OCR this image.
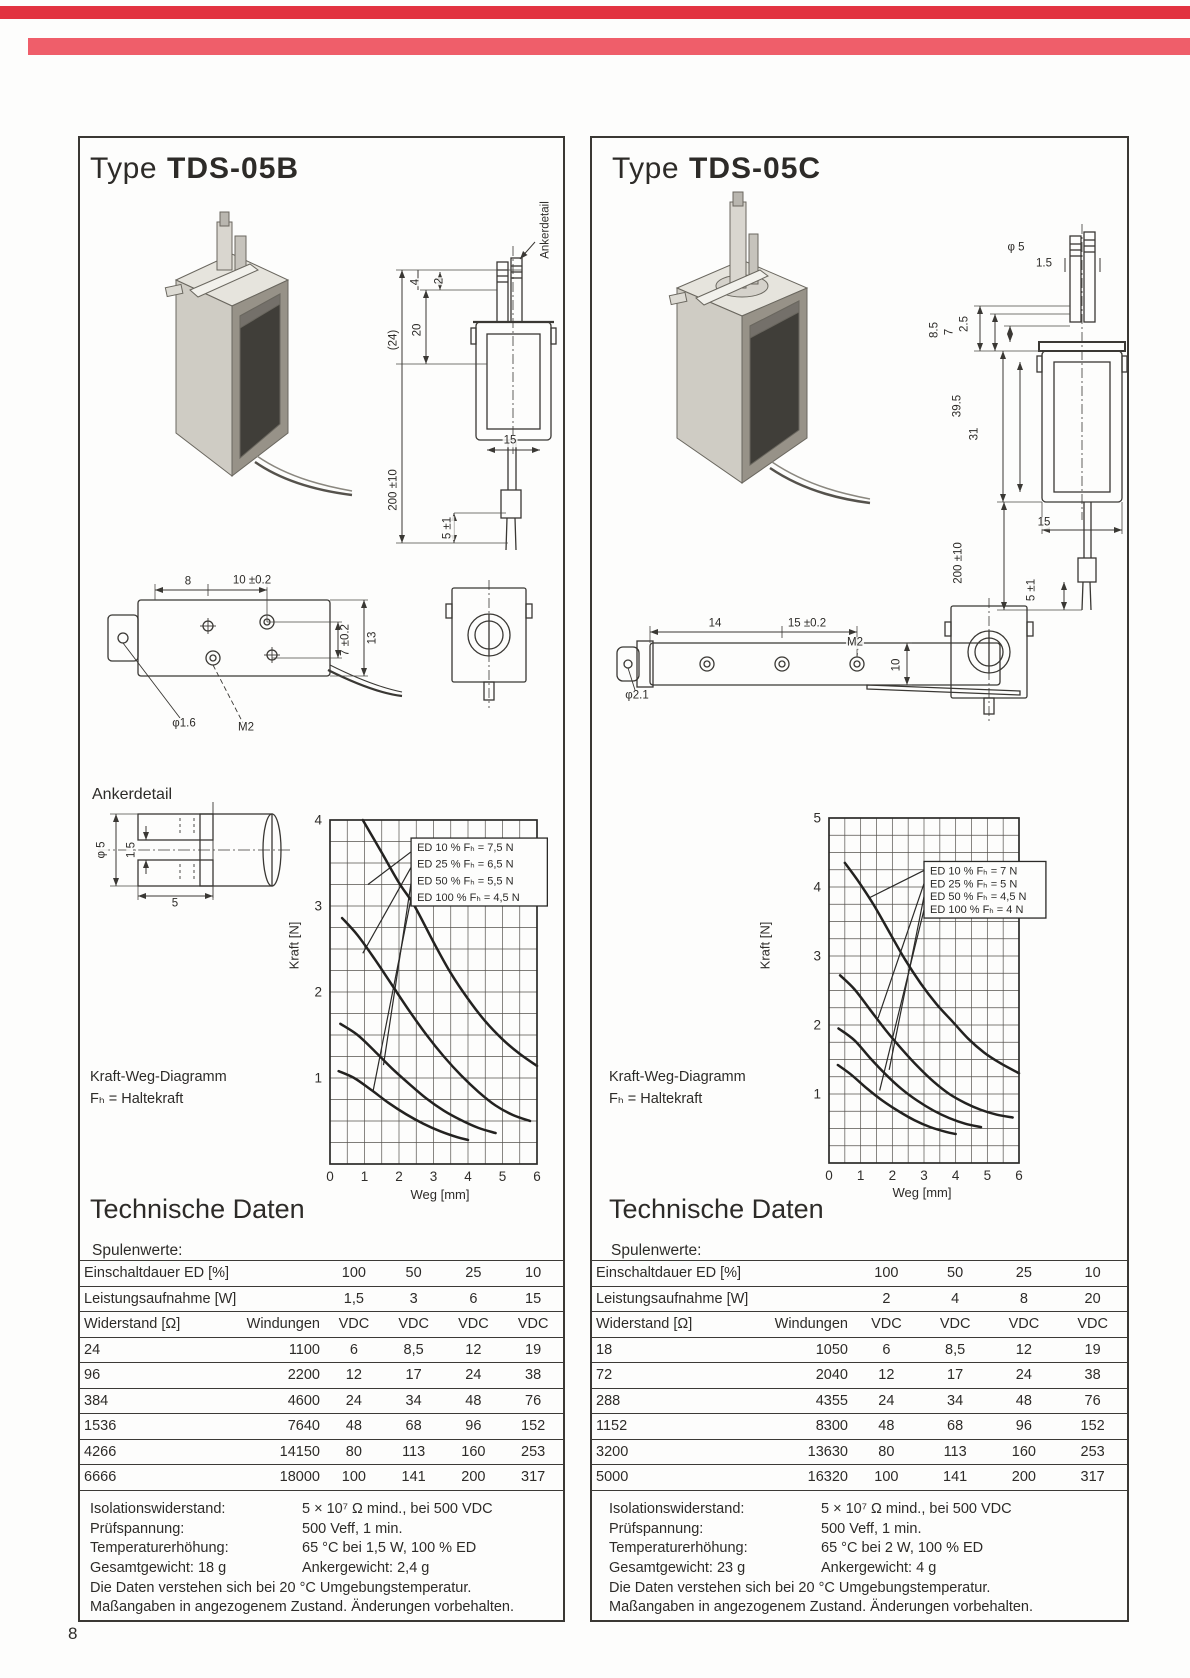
Type TDS-05B
Ankerdetail
4 2
(24) 20
200 ±10
5 ±1
15
8	10 ±0.2
7 ±0.2 13
φ1.6	M2
φ 5 1,5
5
Ankerdetail
ED 10 % Fₕ = 7,5 N
ED 25 % Fₕ = 6,5 N
ED 50 % Fₕ = 5,5 N
ED 100 % Fₕ = 4,5 N
1
2
3
4
0 1 2 3 4 5 6
Kraft [N]
Weg [mm]
Kraft-Weg-Diagramm
Fₕ = Haltekraft
Technische Daten
Spulenwerte:
Einschaltdauer ED [%]		100	50	25	10
Leistungsaufnahme [W]		1,5	3	6	15
Widerstand [Ω]	Windungen	VDC	VDC	VDC	VDC
24	1100	6	8,5	12	19
96	2200	12	17	24	38
384	4600	24	34	48	76
1536	7640	48	68	96	152
4266	14150	80	113	160	253
6666	18000	100	141	200	317
Isolationswiderstand:	5 × 10⁷ Ω mind., bei 500 VDC
Prüfspannung:	500 Veff, 1 min.
Temperaturerhöhung:	65 °C bei 1,5 W, 100 % ED
Gesamtgewicht: 18 g	Ankergewicht: 2,4 g
Die Daten verstehen sich bei 20 °C Umgebungstemperatur.
Maßangaben in angezogenem Zustand. Änderungen vorbehalten.
Type TDS-05C
φ 5
1.5
8.5 7 2.5
39.5
31
15
200 ±10
5 ±1
14	15 ±0.2
M2
10
φ2.1
ED 10 % Fₕ = 7 N
ED 25 % Fₕ = 5 N
ED 50 % Fₕ = 4,5 N
ED 100 % Fₕ = 4 N
1
2
3
4
5
0 1 2 3 4 5 6
Kraft [N]
Weg [mm]
Kraft-Weg-Diagramm
Fₕ = Haltekraft
Technische Daten
Spulenwerte:
Einschaltdauer ED [%]		100	50	25	10
Leistungsaufnahme [W]		2	4	8	20
Widerstand [Ω]	Windungen	VDC	VDC	VDC	VDC
18	1050	6	8,5	12	19
72	2040	12	17	24	38
288	4355	24	34	48	76
1152	8300	48	68	96	152
3200	13630	80	113	160	253
5000	16320	100	141	200	317
Isolationswiderstand:	5 × 10⁷ Ω mind., bei 500 VDC
Prüfspannung:	500 Veff, 1 min.
Temperaturerhöhung:	65 °C bei 2 W, 100 % ED
Gesamtgewicht: 23 g	Ankergewicht: 4 g
Die Daten verstehen sich bei 20 °C Umgebungstemperatur.
Maßangaben in angezogenem Zustand. Änderungen vorbehalten.
8
